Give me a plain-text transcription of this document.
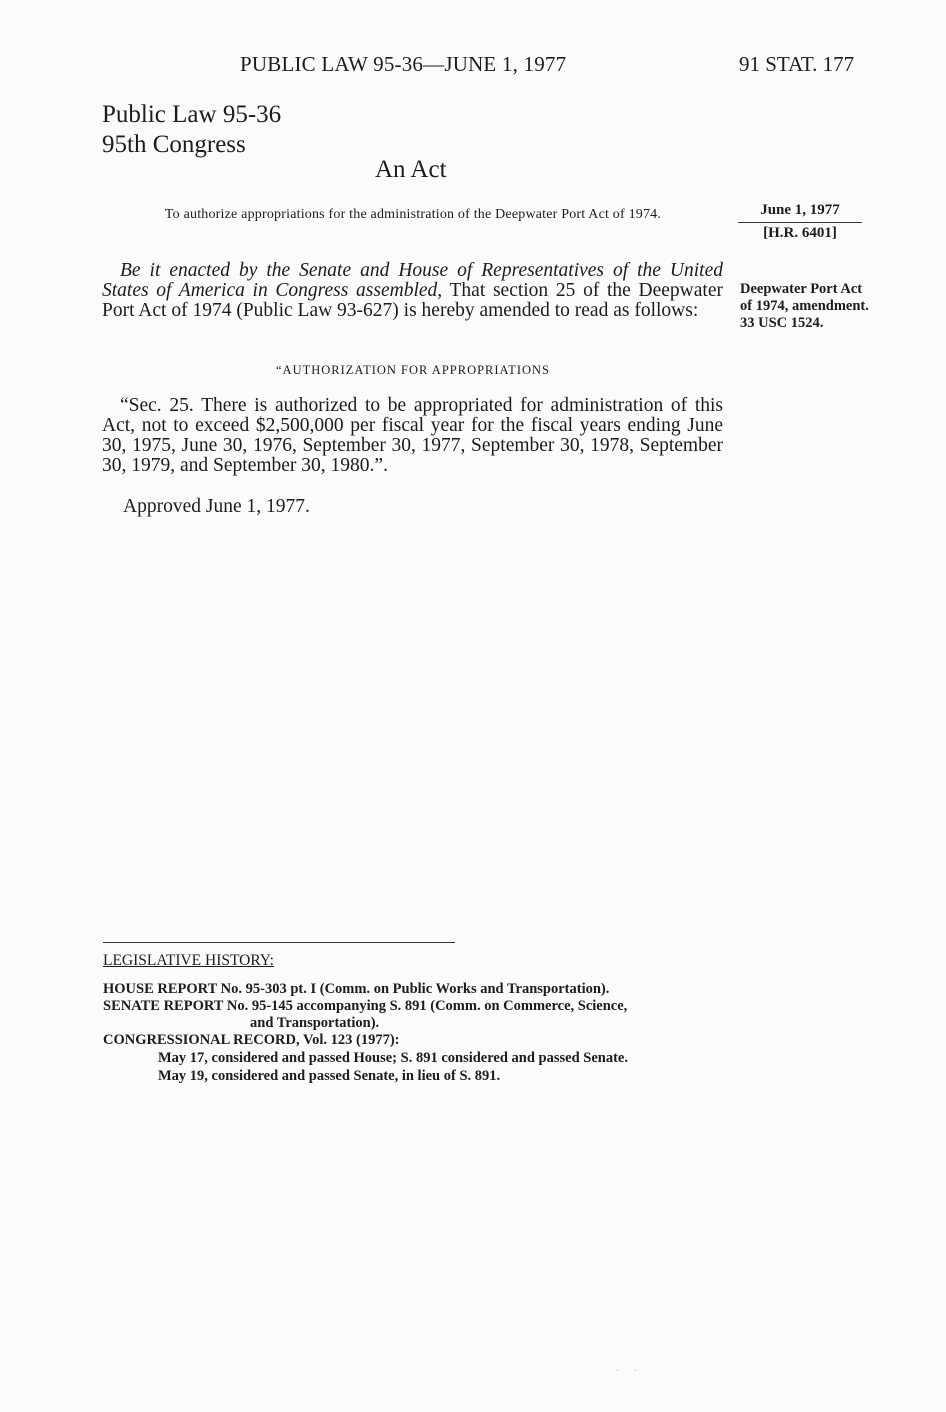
PUBLIC LAW 95-36—JUNE 1, 1977	91 STAT. 177
Public Law 95-36
95th Congress
An Act
To authorize appropriations for the administration of the Deepwater Port Act of 1974.	June 1, 1977
[H.R. 6401]
Be it enacted by the Senate and House of Representatives of the United States of America in Congress assembled, That section 25 of the Deepwater Port Act of 1974 (Public Law 93-627) is hereby amended to read as follows:
Deepwater Port Act of 1974, amendment. 33 USC 1524.
“AUTHORIZATION FOR APPROPRIATIONS
“Sec. 25. There is authorized to be appropriated for administration of this Act, not to exceed $2,500,000 per fiscal year for the fiscal years ending June 30, 1975, June 30, 1976, September 30, 1977, September 30, 1978, September 30, 1979, and September 30, 1980.”.
Approved June 1, 1977.
LEGISLATIVE HISTORY:
HOUSE REPORT No. 95-303 pt. I (Comm. on Public Works and Transportation).
SENATE REPORT No. 95-145 accompanying S. 891 (Comm. on Commerce, Science,
and Transportation).
CONGRESSIONAL RECORD, Vol. 123 (1977):
May 17, considered and passed House; S. 891 considered and passed Senate.
May 19, considered and passed Senate, in lieu of S. 891.
. .
